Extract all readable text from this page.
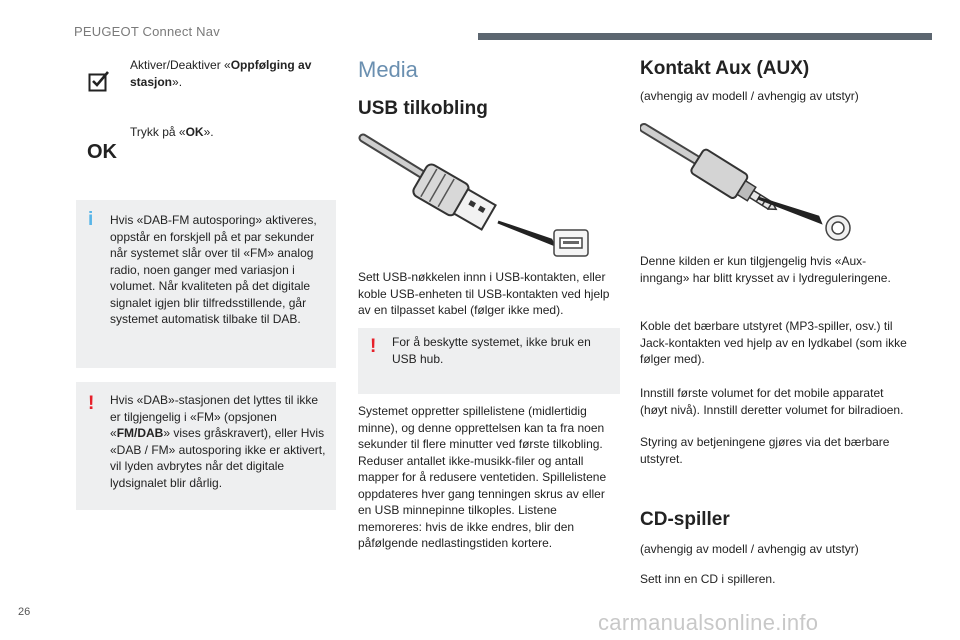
PEUGEOT Connect Nav
Aktiver/Deaktiver «Oppfølging av stasjon».
OK
Trykk på «OK».
i Hvis «DAB-FM autosporing» aktiveres, oppstår en forskjell på et par sekunder når systemet slår over til «FM» analog radio, noen ganger med variasjon i volumet. Når kvaliteten på det digitale signalet igjen blir tilfredsstillende, går systemet automatisk tilbake til DAB.
! Hvis «DAB»-stasjonen det lyttes til ikke er tilgjengelig i «FM» (opsjonen «FM/DAB» vises gråskravert), eller Hvis «DAB / FM» autosporing ikke er aktivert, vil lyden avbrytes når det digitale lydsignalet blir dårlig.
Media
USB tilkobling
Sett USB-nøkkelen innn i USB-kontakten, eller koble USB-enheten til USB-kontakten ved hjelp av en tilpasset kabel (følger ikke med).
! For å beskytte systemet, ikke bruk en USB hub.
Systemet oppretter spillelistene (midlertidig minne), og denne opprettelsen kan ta fra noen sekunder til flere minutter ved første tilkobling. Reduser antallet ikke-musikk-filer og antall mapper for å redusere ventetiden. Spillelistene oppdateres hver gang tenningen skrus av eller en USB minnepinne tilkoples. Listene memoreres: hvis de ikke endres, blir den påfølgende nedlastingstiden kortere.
Kontakt Aux (AUX)
(avhengig av modell / avhengig av utstyr)
Denne kilden er kun tilgjengelig hvis «Aux-inngang» har blitt krysset av i lydreguleringene.
Koble det bærbare utstyret (MP3-spiller, osv.) til Jack-kontakten ved hjelp av en lydkabel (som ikke følger med).
Innstill første volumet for det mobile apparatet (høyt nivå). Innstill deretter volumet for bilradioen.
Styring av betjeningene gjøres via det bærbare utstyret.
CD-spiller
(avhengig av modell / avhengig av utstyr)
Sett inn en CD i spilleren.
26	carmanualsonline.info
